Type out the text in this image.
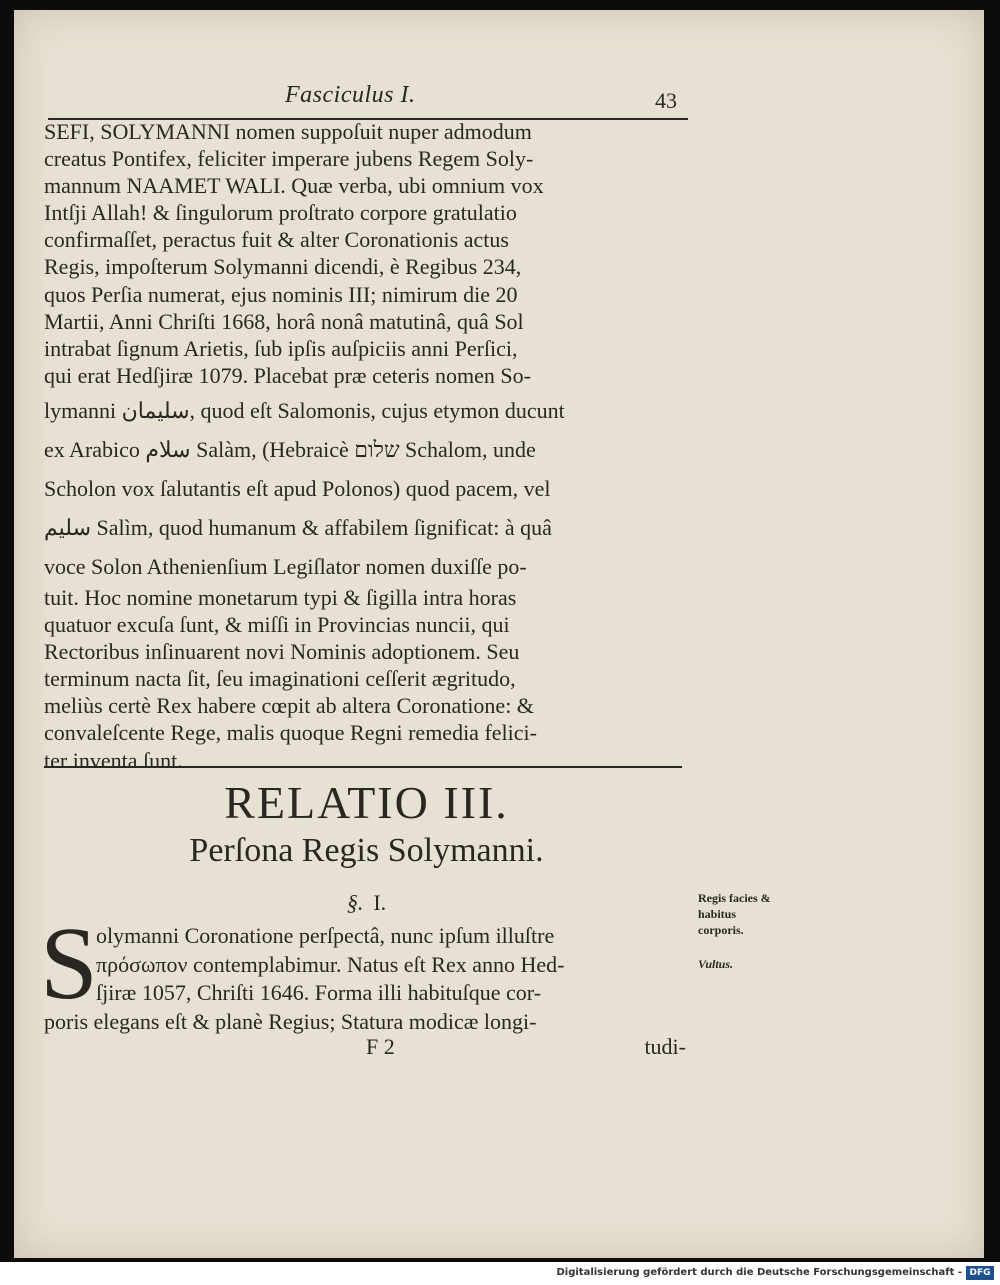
Fasciculus I.	43
SEFI, SOLYMANNI nomen suppoſuit nuper admodum
creatus Pontifex, feliciter imperare jubens Regem Soly-
mannum NAAMET WALI. Quæ verba, ubi omnium vox
Intſji Allah! & ſingulorum proſtrato corpore gratulatio
confirmaſſet, peractus fuit & alter Coronationis actus
Regis, impoſterum Solymanni dicendi, è Regibus 234,
quos Perſia numerat, ejus nominis III; nimirum die 20
Martii, Anni Chriſti 1668, horâ nonâ matutinâ, quâ Sol
intrabat ſignum Arietis, ſub ipſis auſpiciis anni Perſici,
qui erat Hedſjiræ 1079. Placebat præ ceteris nomen So-
lymanni سليمان, quod eſt Salomonis, cujus etymon ducunt
ex Arabico سلام Salàm, (Hebraicè שלום Schalom, unde
Scholon vox ſalutantis eſt apud Polonos) quod pacem, vel
سليم Salìm, quod humanum & affabilem ſignificat: à quâ
voce Solon Athenienſium Legiſlator nomen duxiſſe po-
tuit. Hoc nomine monetarum typi & ſigilla intra horas
quatuor excuſa ſunt, & miſſi in Provincias nuncii, qui
Rectoribus inſinuarent novi Nominis adoptionem. Seu
terminum nacta ſit, ſeu imaginationi ceſſerit ægritudo,
meliùs certè Rex habere cœpit ab altera Coronatione: &
convaleſcente Rege, malis quoque Regni remedia felici-
ter inventa ſunt.
RELATIO III.
Perſona Regis Solymanni.
§. I.
S
olymanni Coronatione perſpectâ, nunc ipſum illuſtre
πρόσωπον contemplabimur. Natus eſt Rex anno Hed-
ſjiræ 1057, Chriſti 1646. Forma illi habituſque cor-
poris elegans eſt & planè Regius; Statura modicæ longi-
F 2	tudi-
Regis facies & habitus corporis.
Vultus.
Digitalisierung gefördert durch die Deutsche Forschungsgemeinschaft - DFG
